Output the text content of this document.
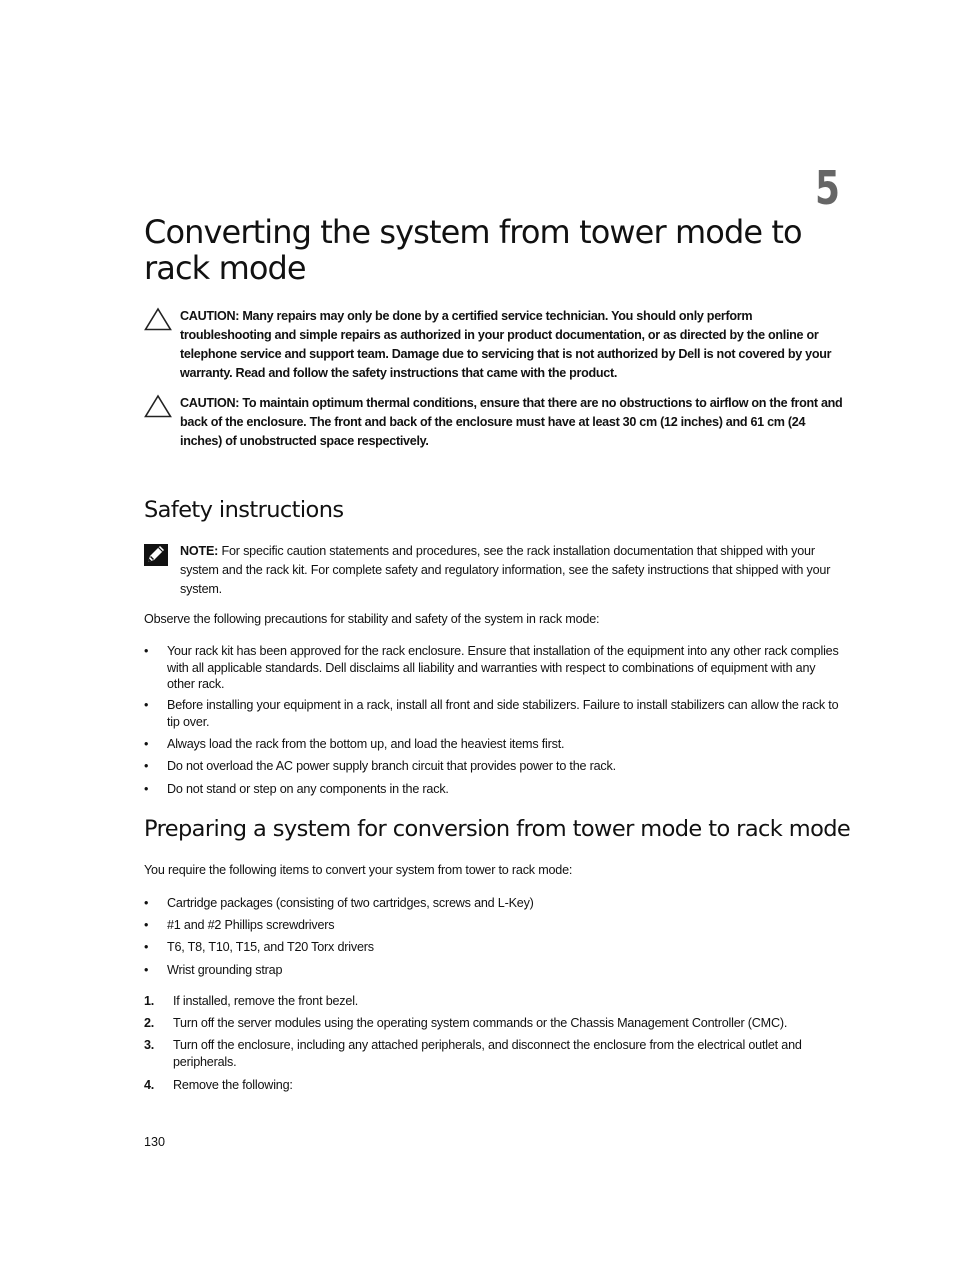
5
Converting the system from tower mode to rack mode

CAUTION: Many repairs may only be done by a certified service technician. You should only perform troubleshooting and simple repairs as authorized in your product documentation, or as directed by the online or telephone service and support team. Damage due to servicing that is not authorized by Dell is not covered by your warranty. Read and follow the safety instructions that came with the product.

CAUTION: To maintain optimum thermal conditions, ensure that there are no obstructions to airflow on the front and back of the enclosure. The front and back of the enclosure must have at least 30 cm (12 inches) and 61 cm (24 inches) of unobstructed space respectively.

Safety instructions

NOTE: For specific caution statements and procedures, see the rack installation documentation that shipped with your system and the rack kit. For complete safety and regulatory information, see the safety instructions that shipped with your system.

Observe the following precautions for stability and safety of the system in rack mode:

•	Your rack kit has been approved for the rack enclosure. Ensure that installation of the equipment into any other rack complies with all applicable standards. Dell disclaims all liability and warranties with respect to combinations of equipment with any other rack.
•	Before installing your equipment in a rack, install all front and side stabilizers. Failure to install stabilizers can allow the rack to tip over.
•	Always load the rack from the bottom up, and load the heaviest items first.
•	Do not overload the AC power supply branch circuit that provides power to the rack.
•	Do not stand or step on any components in the rack.
Preparing a system for conversion from tower mode to rack mode

You require the following items to convert your system from tower to rack mode:

•	Cartridge packages (consisting of two cartridges, screws and L-Key)
•	#1 and #2 Phillips screwdrivers
•	T6, T8, T10, T15, and T20 Torx drivers
•	Wrist grounding strap
1.	If installed, remove the front bezel.
2.	Turn off the server modules using the operating system commands or the Chassis Management Controller (CMC).
3.	Turn off the enclosure, including any attached peripherals, and disconnect the enclosure from the electrical outlet and peripherals.
4.	Remove the following:

130
